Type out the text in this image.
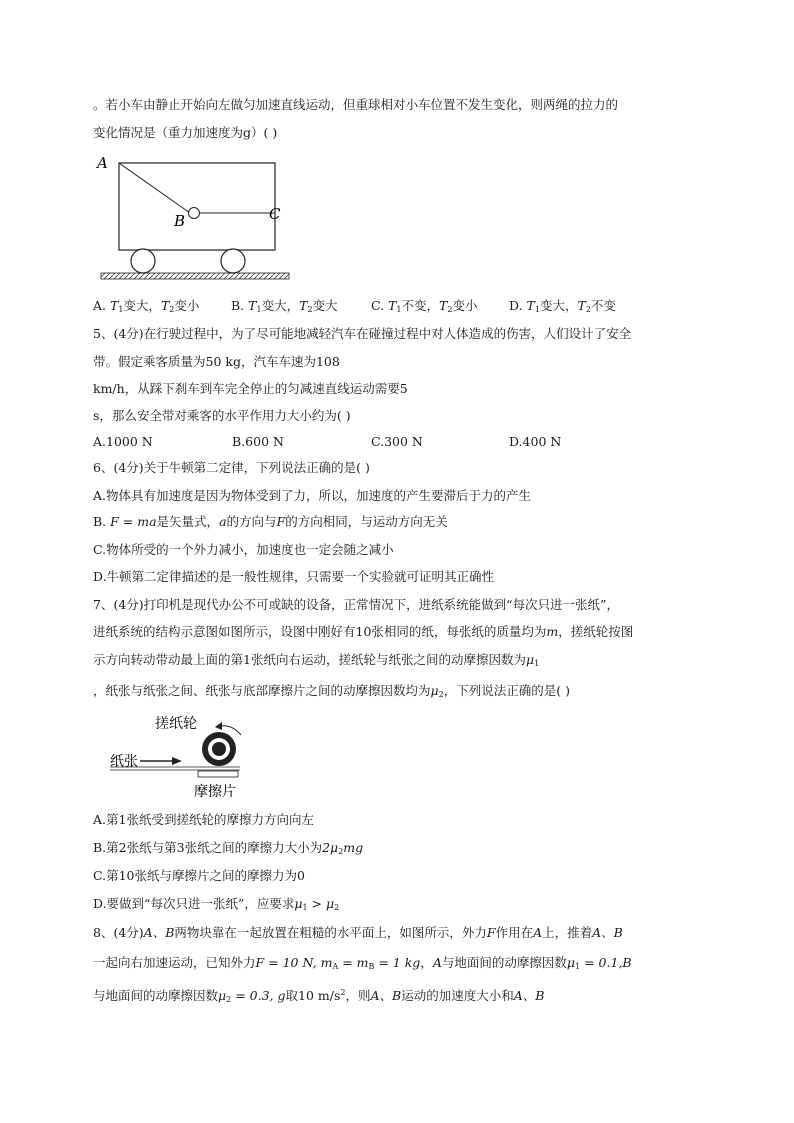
。若小车由静止开始向左做匀加速直线运动，但重球相对小车位置不发生变化，则两绳的拉力的
变化情况是（重力加速度为g）( )
A
B	C
A. $T_1$变大，$T_2$变小	B. $T_1$变大，$T_2$变大	C. $T_1$不变，$T_2$变小	D. $T_1$变大，$T_2$不变
5、(4分)在行驶过程中，为了尽可能地减轻汽车在碰撞过程中对人体造成的伤害，人们设计了安全
带。假定乘客质量为50 kg，汽车车速为108
km/h，从踩下刹车到车完全停止的匀减速直线运动需要5
s，那么安全带对乘客的水平作用力大小约为( )
A.1000 N	B.600 N	C.300 N	D.400 N
6、(4分)关于牛顿第二定律，下列说法正确的是( )
A.物体具有加速度是因为物体受到了力，所以，加速度的产生要滞后于力的产生
B. F = ma是矢量式，a的方向与F的方向相同，与运动方向无关
C.物体所受的一个外力减小，加速度也一定会随之减小
D.牛顿第二定律描述的是一般性规律，只需要一个实验就可证明其正确性
7、(4分)打印机是现代办公不可或缺的设备，正常情况下，进纸系统能做到“每次只进一张纸”，
进纸系统的结构示意图如图所示，设图中刚好有10张相同的纸，每张纸的质量均为m，搓纸轮按图
示方向转动带动最上面的第1张纸向右运动，搓纸轮与纸张之间的动摩擦因数为$\mu_1$
，纸张与纸张之间、纸张与底部摩擦片之间的动摩擦因数均为$\mu_2$，下列说法正确的是( )
搓纸轮
纸张
摩擦片
A.第1张纸受到搓纸轮的摩擦力方向向左
B.第2张纸与第3张纸之间的摩擦力大小为$2\mu_2mg$
C.第10张纸与摩擦片之间的摩擦力为0
D.要做到“每次只进一张纸”，应要求$\mu_1 > \mu_2$
8、(4分)A、B两物块靠在一起放置在粗糙的水平面上，如图所示，外力F作用在A上，推着A、B
一起向右加速运动，已知外力F = 10 N, $m_A = m_B = 1$ kg，A与地面间的动摩擦因数$\mu_1 = 0.1,B$
与地面间的动摩擦因数$\mu_2 = 0.3$, g取10 $m/s^2$，则A、B运动的加速度大小和A、B
